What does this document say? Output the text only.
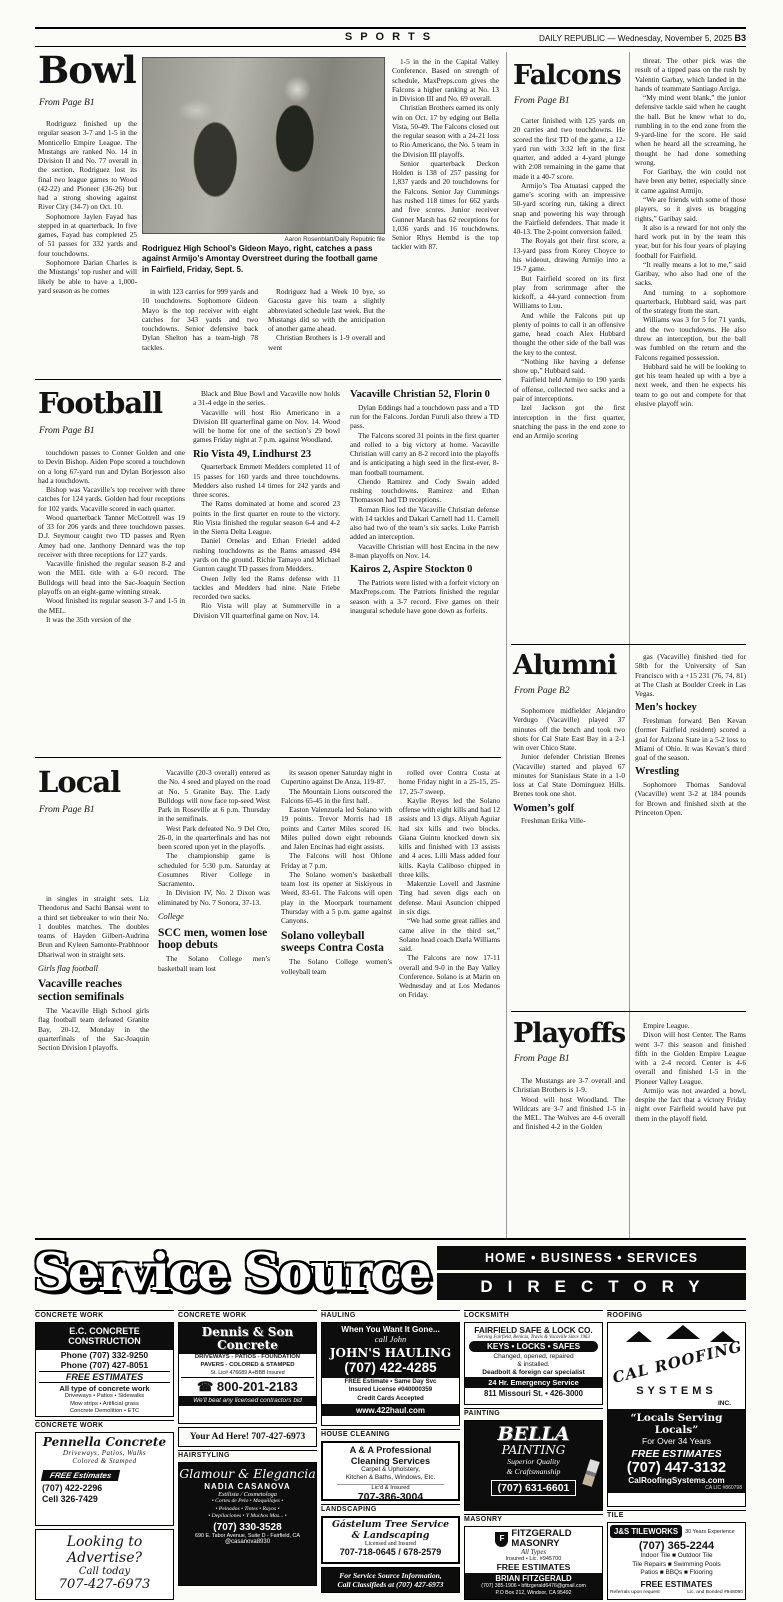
SPORTS	DAILY REPUBLIC — Wednesday, November 5, 2025 B3
Bowl
From Page B1

Rodriguez finished up the regular season 3-7 and 1-5 in the Monticello Empire League. The Mustangs are ranked No. 14 in Division II and No. 77 overall in the section. Rodriguez lost its final two league games to Wood (42-22) and Pioneer (36-26) but had a strong showing against River City (34-7) on Oct. 10.

Sophomore Jaylen Fayad has stepped in at quarterback. In five games, Fayad has completed 25 of 51 passes for 332 yards and four touchdowns.

Sophomore Darian Charles is the Mustangs’ top rusher and will likely be able to have a 1,000-yard season as he comes

Aaron Rosenblatt/Daily Republic file
Rodriguez High School’s Gideon Mayo, right, catches a pass against Armijo’s Amontay Overstreet during the football game in Fairfield, Friday, Sept. 5.

in with 123 carries for 999 yards and 10 touchdowns. Sophomore Gideon Mayo is the top receiver with eight catches for 343 yards and two touchdowns. Senior defensive back Dylan Shelton has a team-high 78 tackles.

Rodriguez had a Week 10 bye, so Gacosta gave his team a slightly abbreviated schedule last week. But the Mustangs did so with the anticipation of another game ahead.

Christian Brothers is 1-9 overall and went

1-5 in the in the Capital Valley Conference. Based on strength of schedule, MaxPreps.com gives the Falcons a higher ranking at No. 13 in Division III and No. 69 overall.

Christian Brothers earned its only win on Oct. 17 by edging out Bella Vista, 50-49. The Falcons closed out the regular season with a 24-21 loss to Rio Americano, the No. 5 team in the Division III playoffs.

Senior quarterback Deckon Holden is 138 of 257 passing for 1,837 yards and 20 touchdowns for the Falcons. Senior Jay Cummings has rushed 118 times for 662 yards and five scores. Junior receiver Gunner Marsh has 62 receptions for 1,036 yards and 16 touchdowns. Senior Rhys Hembd is the top tackler with 87.

Falcons
From Page B1

Carter finished with 125 yards on 20 carries and two touchdowns. He scored the first TD of the game, a 12-yard run with 3:32 left in the first quarter, and added a 4-yard plunge with 2:08 remaining in the game that made it a 40-7 score.

Armijo’s Toa Atuatasi capped the game’s scoring with an impressive 50-yard scoring run, taking a direct snap and powering his way through the Fairfield defenders. That made it 40-13. The 2-point conversion failed.

The Royals got their first score, a 13-yard pass from Korey Choyce to his wideout, drawing Armijo into a 19-7 game.

But Fairfield scored on its first play from scrimmage after the kickoff, a 44-yard connection from Williams to Luu.

And while the Falcons put up plenty of points to call it an offensive game, head coach Alex Hubbard thought the other side of the ball was the key to the contest.

“Nothing like having a defense show up,” Hubbard said.

Fairfield held Armijo to 190 yards of offense, collected two sacks and a pair of interceptions.

Izel Jackson got the first interception in the first quarter, snatching the pass in the end zone to end an Armijo scoring

threat. The other pick was the result of a tipped pass on the rush by Valentin Garbay, which landed in the hands of teammate Santiago Arciga.

“My mind went blank,” the junior defensive tackle said when he caught the ball. But he knew what to do, rumbling in to the end zone from the 9-yard-line for the score. He said when he heard all the screaming, he thought he had done something wrong.

For Garibay, the win could not have been any better, especially since it came against Armijo.

“We are friends with some of those players, so it gives us bragging rights,” Garibay said.

It also is a reward for not only the hard work put in by the team this year, but for his four years of playing football for Fairfield.

“It really means a lot to me,” said Garibay, who also had one of the sacks.

And turning to a sophomore quarterback, Hubbard said, was part of the strategy from the start.

Williams was 3 for 5 for 71 yards, and the two touchdowns. He also threw an interception, but the ball was fumbled on the return and the Falcons regained possession.

Hubbard said he will be looking to get his team healed up with a bye a next week, and then he expects his team to go out and compete for that elusive playoff win.

Football
From Page B1

touchdown passes to Conner Golden and one to Devin Bishop. Aiden Pope scored a touchdown on a long 67-yard run and Dylan Borjesson also had a touchdown.

Bishop was Vacaville’s top receiver with three catches for 124 yards. Golden had four receptions for 102 yards. Vacaville scored in each quarter.

Wood quarterback Tanner McCottrell was 19 of 33 for 206 yards and three touchdown passes. D.J. Seymour caught two TD passes and Ryen Amey had one. Janthony Dennard was the top receiver with three receptions for 127 yards.

Vacaville finished the regular season 8-2 and won the MEL title with a 6-0 record. The Bulldogs will head into the Sac-Joaquin Section playoffs on an eight-game winning streak.

Wood finished its regular season 3-7 and 1-5 in the MEL.

It was the 35th version of the

Black and Blue Bowl and Vacaville now holds a 31-4 edge in the series.

Vacaville will host Rio Americano in a Division III quarterfinal game on Nov. 14. Wood will be home for one of the section’s 29 bowl games Friday night at 7 p.m. against Woodland.

Rio Vista 49, Lindhurst 23

Quarterback Emmett Medders completed 11 of 15 passes for 160 yards and three touchdowns. Medders also rushed 14 times for 242 yards and three scores.

The Rams dominated at home and scored 23 points in the first quarter en route to the victory. Rio Vista finished the regular season 6-4 and 4-2 in the Sierra Delta League.

Daniel Ornelas and Ethan Friedel added rushing touchdowns as the Rams amassed 494 yards on the ground. Richie Tamayo and Michael Gunton caught TD passes from Medders.

Owen Jelly led the Rams defense with 11 tackles and Medders had nine. Nate Friebe recorded two sacks.

Rio Vista will play at Summerville in a Division VII quarterfinal game on Nov. 14.

Vacaville Christian 52, Florin 0

Dylan Eddings had a touchdown pass and a TD run for the Falcons. Jordan Furuli also threw a TD pass.

The Falcons scored 31 points in the first quarter and rolled to a big victory at home. Vacaville Christian will carry an 8-2 record into the playoffs and is anticipating a high seed in the first-ever, 8-man football tournament.

Chendo Ramirez and Cody Swain added rushing touchdowns. Ramirez and Ethan Thomasson had TD receptions.

Roman Rios led the Vacaville Christian defense with 14 tackles and Dakari Carnell had 11. Carnell also had two of the team’s six sacks. Luke Parrish added an interception.

Vacaville Christian will host Encina in the new 8-man playoffs on Nov. 14.

Kairos 2, Aspire Stockton 0

The Patriots were listed with a forfeit victory on MaxPreps.com. The Patriots finished the regular season with a 3-7 record. Five games on their inaugural schedule have gone down as forfeits.

Alumni
From Page B2

Sophomore midfielder Alejandro Verdugo (Vacaville) played 37 minutes off the bench and took two shots for Cal State East Bay in a 2-1 win over Chico State.

Junior defender Christian Brenes (Vacaville) started and played 67 minutes for Stanislaus State in a 1-0 loss at Cal State Dominguez Hills. Brenes took one shot.

Women’s golf

Freshman Erika Ville-

gas (Vacaville) finished tied for 58th for the University of San Francisco with a +15 231 (76, 74, 81) at The Clash at Boulder Creek in Las Vegas.

Men’s hockey

Freshman forward Ben Kevan (former Fairfield resident) scored a goal for Arizona State in a 5-2 loss to Miami of Ohio. It was Kevan’s third goal of the season.

Wrestling

Sophomore Thomas Sandoval (Vacaville) went 3-2 at 184 pounds for Brown and finished sixth at the Princeton Open.

Playoffs
From Page B1

The Mustangs are 3-7 overall and Christian Brothers is 1-9.

Wood will host Woodland. The Wildcats are 3-7 and finished 1-5 in the MEL. The Wolves are 4-6 overall and finished 4-2 in the Golden

Empire League.

Dixon will host Center. The Rams went 3-7 this season and finished fifth in the Golden Empire League with a 2-4 record. Center is 4-6 overall and finished 1-5 in the Pioneer Valley League.

Armijo was not awarded a bowl, despite the fact that a victory Friday night over Fairfield would have put them in the playoff field.

Local
From Page B1

in singles in straight sets. Liz Theodorus and Sachi Bansai went to a third set tiebreaker to win their No. 1 doubles matches. The doubles teams of Hayden Gilbert-Audrina Brun and Kyleen Samonte-Prabhnoor Dhariwal won in straight sets.

Girls flag football
Vacaville reaches section semifinals

The Vacaville High School girls flag football team defeated Granite Bay, 20-12, Monday in the quarterfinals of the Sac-Joaquin Section Division I playoffs.

Vacaville (20-3 overall) entered as the No. 4 seed and played on the road at No. 5 Granite Bay. The Lady Bulldogs will now face top-seed West Park in Roseville at 6 p.m. Thursday in the semifinals.

West Park defeated No. 9 Del Oro, 26-0, in the quarterfinals and has not been scored upon yet in the playoffs.

The championship game is scheduled for 5:30 p.m. Saturday at Cosumnes River College in Sacramento.

In Division IV, No. 2 Dixon was eliminated by No. 7 Sonora, 37-13.

College
SCC men, women lose hoop debuts

The Solano College men’s basketball team lost

its season opener Saturday night in Cupertino against De Anza, 119-87.

The Mountain Lions outscored the Falcons 65-45 in the first half.

Easton Valenzuela led Solano with 19 points. Trevor Morris had 18 points and Carter Miles scored 16. Miles pulled down eight rebounds and Jalen Encinas had eight assists.

The Falcons will host Ohlone Friday at 7 p.m.

The Solano women’s basketball team lost its opener at Siskiyous in Weed, 83-61. The Falcons will open play in the Moorpark tournament Thursday with a 5 p.m. game against Canyons.

Solano volleyball sweeps Contra Costa

The Solano College women’s volleyball team

rolled over Contra Costa at home Friday night in a 25-15, 25-17, 25-7 sweep.

Kaylie Reyes led the Solano offense with eight kills and had 12 assists and 13 digs. Aliyah Aguiar had six kills and two blocks. Giana Guintu knocked down six kills and finished with 13 assists and 4 aces. Lilli Mass added four kills. Kayla Caliboso chipped in three kills.

Makenzie Lovell and Jasmine Ting had seven digs each on defense. Maui Asuncion chipped in six digs.

“We had some great rallies and came alive in the third set,” Solano head coach Darla Williams said.

The Falcons are now 17-11 overall and 9-0 in the Bay Valley Conference. Solano is at Marin on Wednesday and at Los Medanos on Friday.

Service Source	HOME • BUSINESS • SERVICES
DIRECTORY
CONCRETE WORK
E.C. CONCRETE
CONSTRUCTION
Phone (707) 332-9250
Phone (707) 427-8051
FREE ESTIMATES
All type of concrete work
Driveways • Patios • Sidewalks
Mow strips • Artificial grass
Concrete Demolition • ETC
CONCRETE WORK
Pennella Concrete
Driveways, Patios, Walks
Colored & Stamped
FREE Estimates
(707) 422-2296
Cell 326-7429
Looking to
Advertise?
Call today
707-427-6973
CONCRETE WORK
Dennis & Son
Concrete
DRIVEWAYS - PATIOS - FOUNDATION
PAVERS - COLORED & STAMPED
St. Lic# 476689 A+BBB Insured
☎ 800-201-2183
We'll beat any licensed contractors bid
Your Ad Here! 707-427-6973
HAIRSTYLING
Glamour & Elegancia
NADIA CASANOVA
Estilista / Cosmetologa
• Cortes de Pelo • Maquillajes •
• Peinados • Tintes • Rayos •
• Depilaciones • Y Muchos Mas... •
(707) 330-3528
690 E. Tabor Avenue, Suite D - Fairfield, CA
@casanova8930
HAULING
When You Want It Gone...
call John
JOHN'S HAULING
(707) 422-4285
FREE Estimate • Same Day Svc
Insured License #040000359
Credit Cards Accepted
www.422haul.com
HOUSE CLEANING
A & A Professional
Cleaning Services
Carpet & Upholstery,
Kitchen & Baths, Windows, Etc.
Lic'd & Insured
707-386-3004
LANDSCAPING
Gástelum Tree Service
& Landscaping
Licensed and Insured
707-718-0645 / 678-2579
For Service Source Information,
Call Classifieds at (707) 427-6973
LOCKSMITH
FAIRFIELD SAFE & LOCK CO.
Serving Fairfield, Benicia, Travis & Vacaville Since 1963
KEYS • LOCKS • SAFES
Changed, opened, repaired
& installed.
Deadbolt & foreign car specialist
24 Hr. Emergency Service
811 Missouri St. • 426-3000
PAINTING
BELLA
PAINTING
Superior Quality
& Craftsmanship
(707) 631-6601
MASONRY
F FITZGERALD
MASONRY
All Types
Insured • Lic. #945700
FREE ESTIMATES
BRIAN FITZGERALD
(707) 385-1906 • bfitzgerald6476@gmail.com
P.O Box 212, Windsor, CA 95492
ROOFING
CAL ROOFING
SYSTEMS
INC.
“Locals Serving Locals”
For Over 34 Years
FREE ESTIMATES
(707) 447-3132
CalRoofingSystems.com
CA LIC #860798
TILE
J&S TILEWORKS	30 Years Experience
(707) 365-2244
Indoor Tile ■ Outdoor Tile
Tile Repairs ■ Swimming Pools
Patios ■ BBQs ■ Flooring
FREE ESTIMATES
Referrals upon request	Lic. and Bonded #948090
